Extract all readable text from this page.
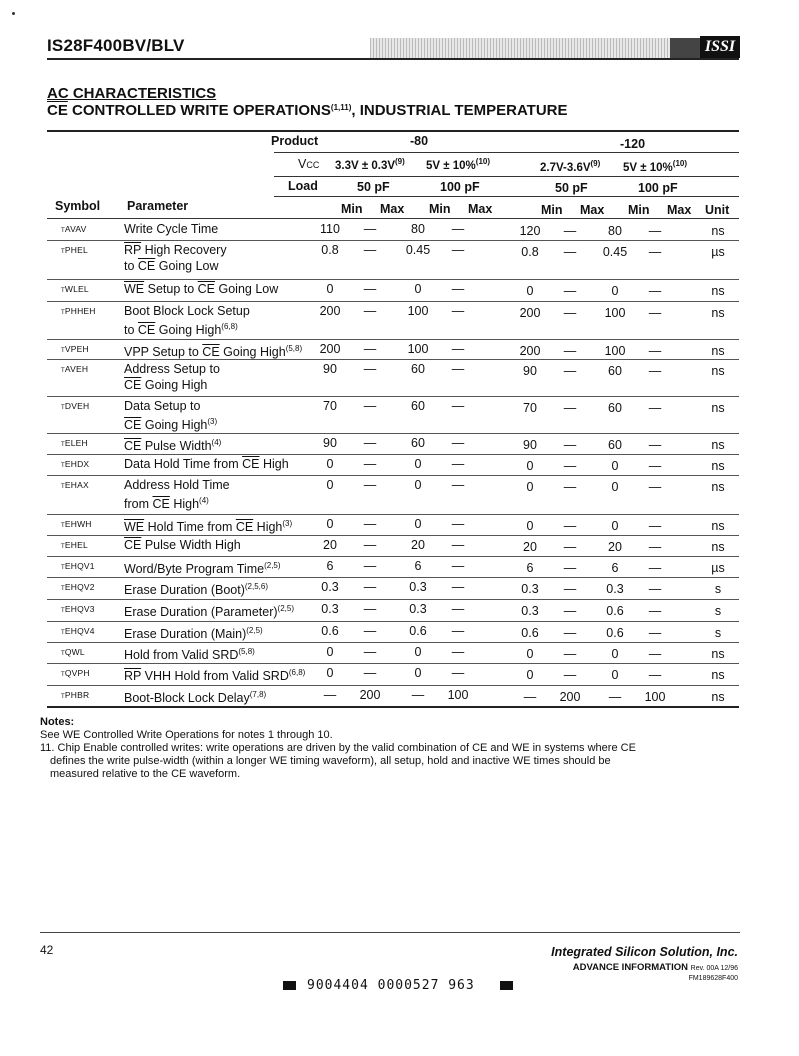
IS28F400BV/BLV	ISSI
AC CHARACTERISTICS
$\overline{CE}$ CONTROLLED WRITE OPERATIONS$^{(1,11)}$, INDUSTRIAL TEMPERATURE
Product	-80	-120
VCC $3.3V \pm 0.3V^{(9)}$ 5V ± 10%$^{(10)}$
$2.7V-3.6V^{(9)}$ 5V ± 10%$^{(10)}$
Load	50 pF	100 pF	50 pF	100 pF
Symbol Parameter	Min Max Min Max	Min Max Min Max Unit
tAVAV	Write Cycle Time	110	—	80	—	120	—	80	—	ns
tPHEL	$\overline{RP}$ High Recovery
to $\overline{CE}$ Going Low
0.8	—	0.45	—	0.8	—	0.45	—	µs
tWLEL	$\overline{WE}$ Setup to $\overline{CE}$ Going Low	0	—	0	—	0	—	0	—	ns
tPHHEH Boot Block Lock Setup
to $\overline{CE}$ Going High$^{(6,8)}$
200	—	100	—	200	—	100	—	ns
tVPEH	VPP Setup to $\overline{CE}$ Going High$^{(5,8)}$	200	—	100	—	200	—	100	—	ns
tAVEH	Address Setup to
$\overline{CE}$ Going High
90	—	60	—	90	—	60	—	ns
tDVEH	Data Setup to
$\overline{CE}$ Going High$^{(3)}$
70	—	60	—	70	—	60	—	ns
tELEH	$\overline{CE}$ Pulse Width$^{(4)}$	90	—	60	—	90	—	60	—	ns
tEHDX	Data Hold Time from $\overline{CE}$ High	0	—	0	—	0	—	0	—	ns
tEHAX	Address Hold Time
from $\overline{CE}$ High$^{(4)}$
0	—	0	—	0	—	0	—	ns
tEHWH	$\overline{WE}$ Hold Time from $\overline{CE}$ High$^{(3)}$	0	—	0	—	0	—	0	—	ns
tEHEL	$\overline{CE}$ Pulse Width High	20	—	20	—	20	—	20	—	ns
tEHQV1 Word/Byte Program Time$^{(2,5)}$	6	—	6	—	6	—	6	—	µs
tEHQV2 Erase Duration (Boot)$^{(2,5,6)}$	0.3	—	0.3	—	0.3	—	0.3	—	s
tEHQV3 Erase Duration (Parameter)$^{(2,5)}$	0.3	—	0.3	—	0.3	—	0.6	—	s
tEHQV4 Erase Duration (Main)$^{(2,5)}$	0.6	—	0.6	—	0.6	—	0.6	—	s
tQWL	Hold from Valid SRD$^{(5,8)}$	0	—	0	—	0	—	0	—	ns
tQVPH	$\overline{RP}$ VHH Hold from Valid SRD$^{(6,8)}$	0	—	0	—	0	—	0	—	ns
tPHBR	Boot-Block Lock Delay$^{(7,8)}$	—	200	—	100	—	200	—	100	ns
Notes:
See WE Controlled Write Operations for notes 1 through 10.
11. Chip Enable controlled writes: write operations are driven by the valid combination of CE and WE in systems where CE
defines the write pulse-width (within a longer WE timing waveform), all setup, hold and inactive WE times should be
measured relative to the CE waveform.
42	Integrated Silicon Solution, Inc.
ADVANCE INFORMATION Rev. 00A 12/96
FM189628F400
9004404 0000527 963
